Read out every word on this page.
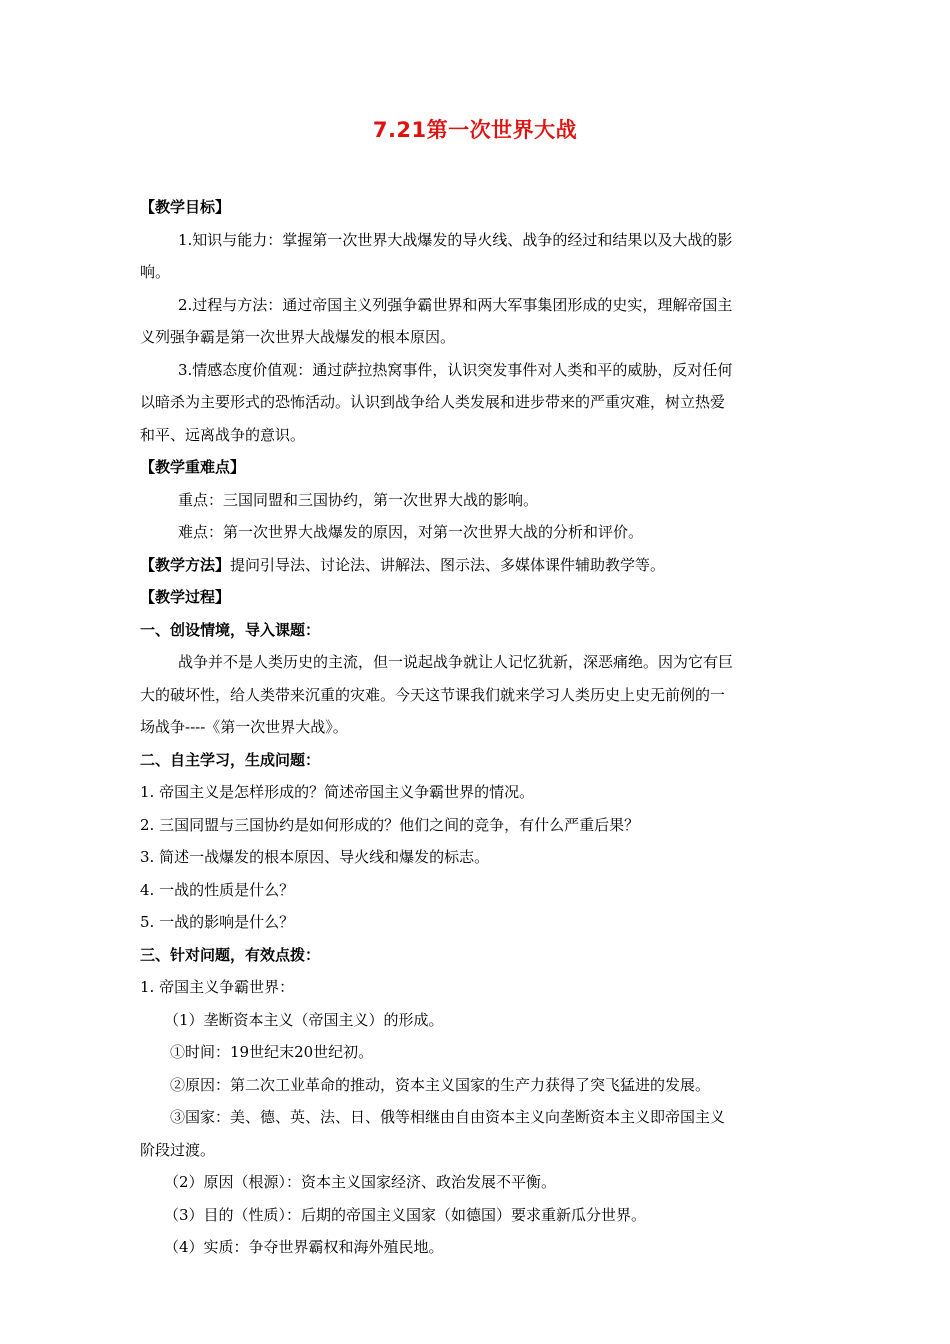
7.21第一次世界大战
【教学目标】
1.知识与能力：掌握第一次世界大战爆发的导火线、战争的经过和结果以及大战的影
响。
2.过程与方法：通过帝国主义列强争霸世界和两大军事集团形成的史实，理解帝国主
义列强争霸是第一次世界大战爆发的根本原因。
3.情感态度价值观：通过萨拉热窝事件，认识突发事件对人类和平的威胁，反对任何
以暗杀为主要形式的恐怖活动。认识到战争给人类发展和进步带来的严重灾难，树立热爱
和平、远离战争的意识。
【教学重难点】
重点：三国同盟和三国协约，第一次世界大战的影响。
难点：第一次世界大战爆发的原因，对第一次世界大战的分析和评价。
【教学方法】提问引导法、讨论法、讲解法、图示法、多媒体课件辅助教学等。
【教学过程】
一、创设情境，导入课题：
战争并不是人类历史的主流，但一说起战争就让人记忆犹新，深恶痛绝。因为它有巨
大的破坏性，给人类带来沉重的灾难。今天这节课我们就来学习人类历史上史无前例的一
场战争----《第一次世界大战》。
二、自主学习，生成问题：
1. 帝国主义是怎样形成的？简述帝国主义争霸世界的情况。
2. 三国同盟与三国协约是如何形成的？他们之间的竞争，有什么严重后果？
3. 简述一战爆发的根本原因、导火线和爆发的标志。
4. 一战的性质是什么？
5. 一战的影响是什么？
三、针对问题，有效点拨：
1. 帝国主义争霸世界：
（1）垄断资本主义（帝国主义）的形成。
①时间：19世纪末20世纪初。
②原因：第二次工业革命的推动，资本主义国家的生产力获得了突飞猛进的发展。
③国家：美、德、英、法、日、俄等相继由自由资本主义向垄断资本主义即帝国主义
阶段过渡。
（2）原因（根源）：资本主义国家经济、政治发展不平衡。
（3）目的（性质）：后期的帝国主义国家（如德国）要求重新瓜分世界。
（4）实质：争夺世界霸权和海外殖民地。
